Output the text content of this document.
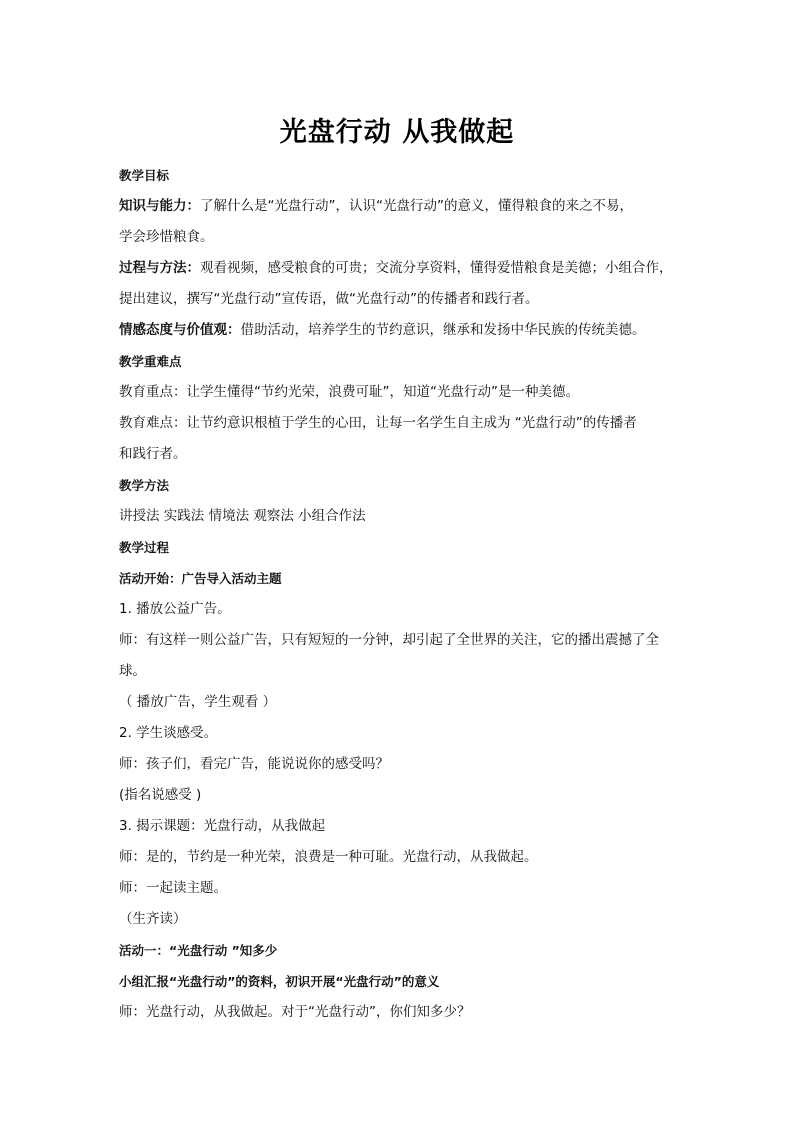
光盘行动 从我做起
教学目标
知识与能力：了解什么是“光盘行动”，认识“光盘行动”的意义，懂得粮食的来之不易，
学会珍惜粮食。
过程与方法：观看视频，感受粮食的可贵；交流分享资料，懂得爱惜粮食是美德；小组合作，
提出建议，撰写“光盘行动”宣传语，做“光盘行动”的传播者和践行者。
情感态度与价值观：借助活动，培养学生的节约意识，继承和发扬中华民族的传统美德。
教学重难点
教育重点：让学生懂得“节约光荣，浪费可耻”，知道“光盘行动”是一种美德。
教育难点：让节约意识根植于学生的心田，让每一名学生自主成为 “光盘行动”的传播者
和践行者。
教学方法
讲授法 实践法 情境法 观察法 小组合作法
教学过程
活动开始：广告导入活动主题
1. 播放公益广告。
师：有这样一则公益广告，只有短短的一分钟，却引起了全世界的关注，它的播出震撼了全
球。
（ 播放广告，学生观看 ）
2. 学生谈感受。
师：孩子们，看完广告，能说说你的感受吗？
(指名说感受 )
3. 揭示课题：光盘行动，从我做起
师：是的，节约是一种光荣，浪费是一种可耻。光盘行动，从我做起。
师：一起读主题。
（生齐读）
活动一：“光盘行动 ”知多少
小组汇报“光盘行动”的资料，初识开展“光盘行动”的意义
师：光盘行动，从我做起。对于“光盘行动”，你们知多少？
